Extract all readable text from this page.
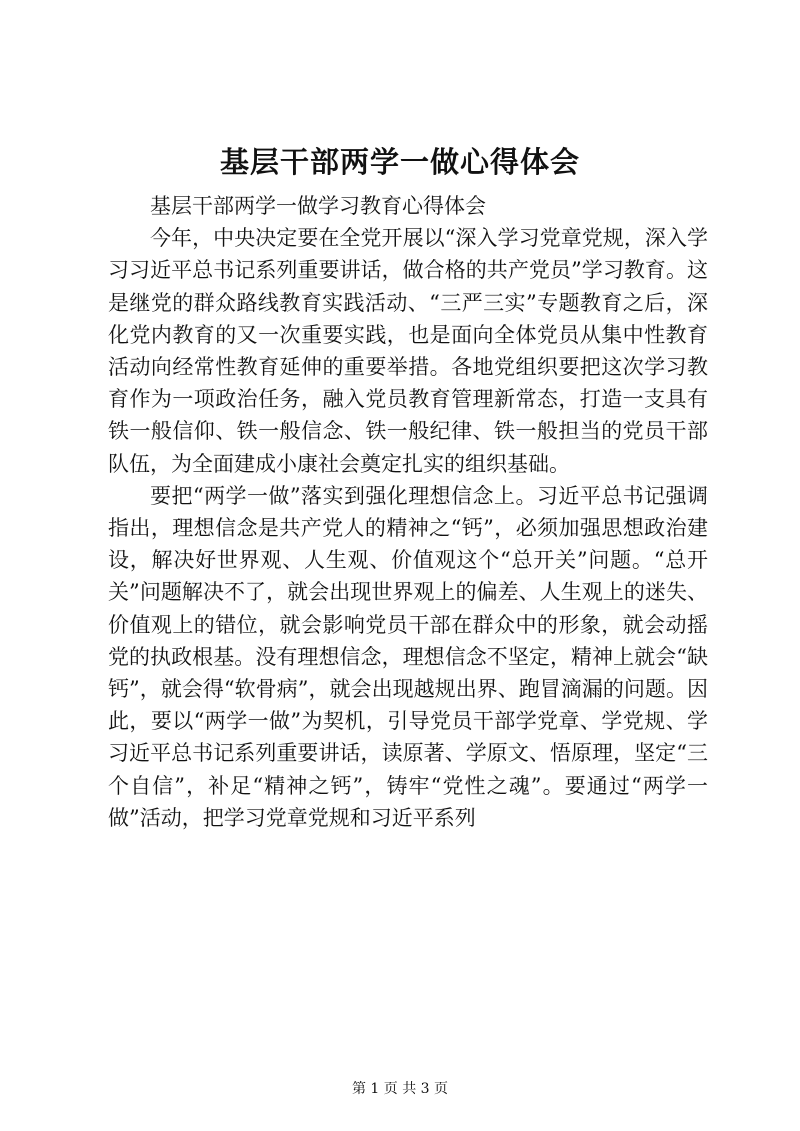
基层干部两学一做心得体会

基层干部两学一做学习教育心得体会

今年，中央决定要在全党开展以“深入学习党章党规，深入学习习近平总书记系列重要讲话，做合格的共产党员”学习教育。这是继党的群众路线教育实践活动、“三严三实”专题教育之后，深化党内教育的又一次重要实践，也是面向全体党员从集中性教育活动向经常性教育延伸的重要举措。各地党组织要把这次学习教育作为一项政治任务，融入党员教育管理新常态，打造一支具有铁一般信仰、铁一般信念、铁一般纪律、铁一般担当的党员干部队伍，为全面建成小康社会奠定扎实的组织基础。

要把“两学一做”落实到强化理想信念上。习近平总书记强调指出，理想信念是共产党人的精神之“钙”，必须加强思想政治建设，解决好世界观、人生观、价值观这个“总开关”问题。“总开关”问题解决不了，就会出现世界观上的偏差、人生观上的迷失、价值观上的错位，就会影响党员干部在群众中的形象，就会动摇党的执政根基。没有理想信念，理想信念不坚定，精神上就会“缺钙”，就会得“软骨病”，就会出现越规出界、跑冒滴漏的问题。因此，要以“两学一做”为契机，引导党员干部学党章、学党规、学习近平总书记系列重要讲话，读原著、学原文、悟原理，坚定“三个自信”，补足“精神之钙”，铸牢“党性之魂”。要通过“两学一做”活动，把学习党章党规和习近平系列

第 1 页 共 3 页
